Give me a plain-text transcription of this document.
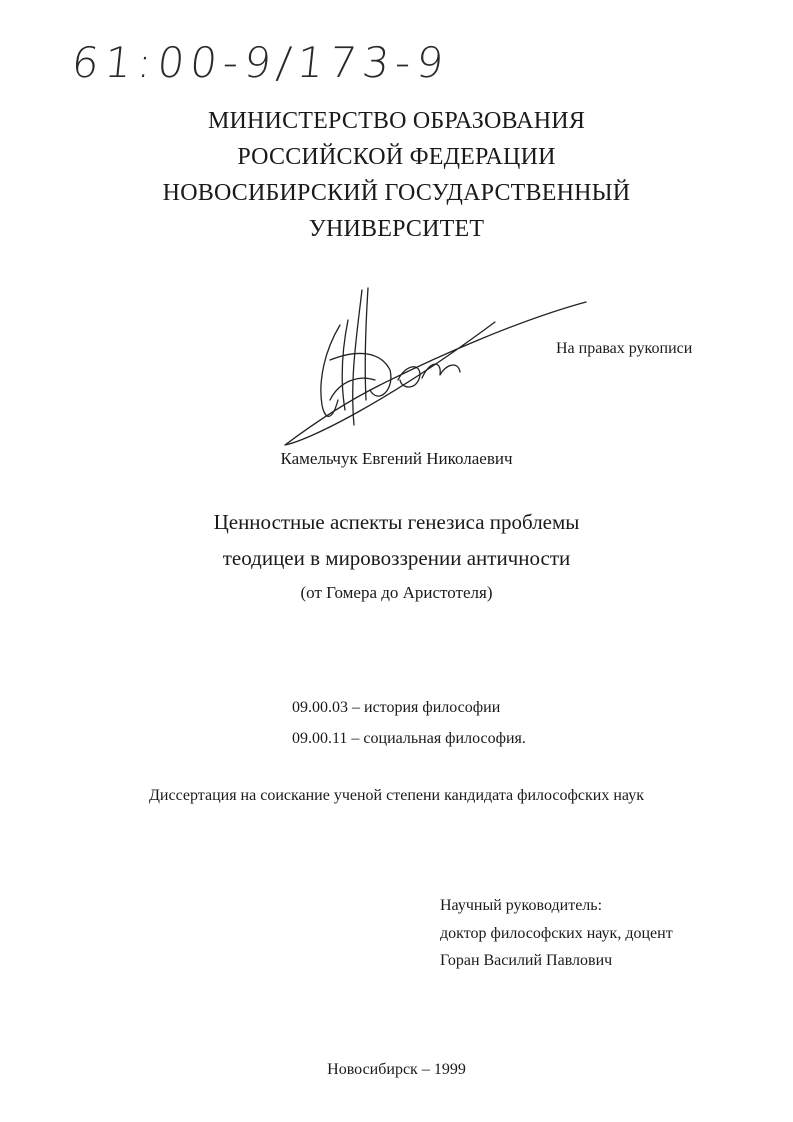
61:00-9/173-9
МИНИСТЕРСТВО ОБРАЗОВАНИЯ
РОССИЙСКОЙ ФЕДЕРАЦИИ
НОВОСИБИРСКИЙ ГОСУДАРСТВЕННЫЙ
УНИВЕРСИТЕТ
На правах рукописи
Камельчук Евгений Николаевич
Ценностные аспекты генезиса проблемы
теодицеи в мировоззрении античности
(от Гомера до Аристотеля)
09.00.03 – история философии
09.00.11 – социальная философия.
Диссертация на соискание ученой степени кандидата философских наук
Научный руководитель:
доктор философских наук, доцент
Горан Василий Павлович
Новосибирск – 1999
